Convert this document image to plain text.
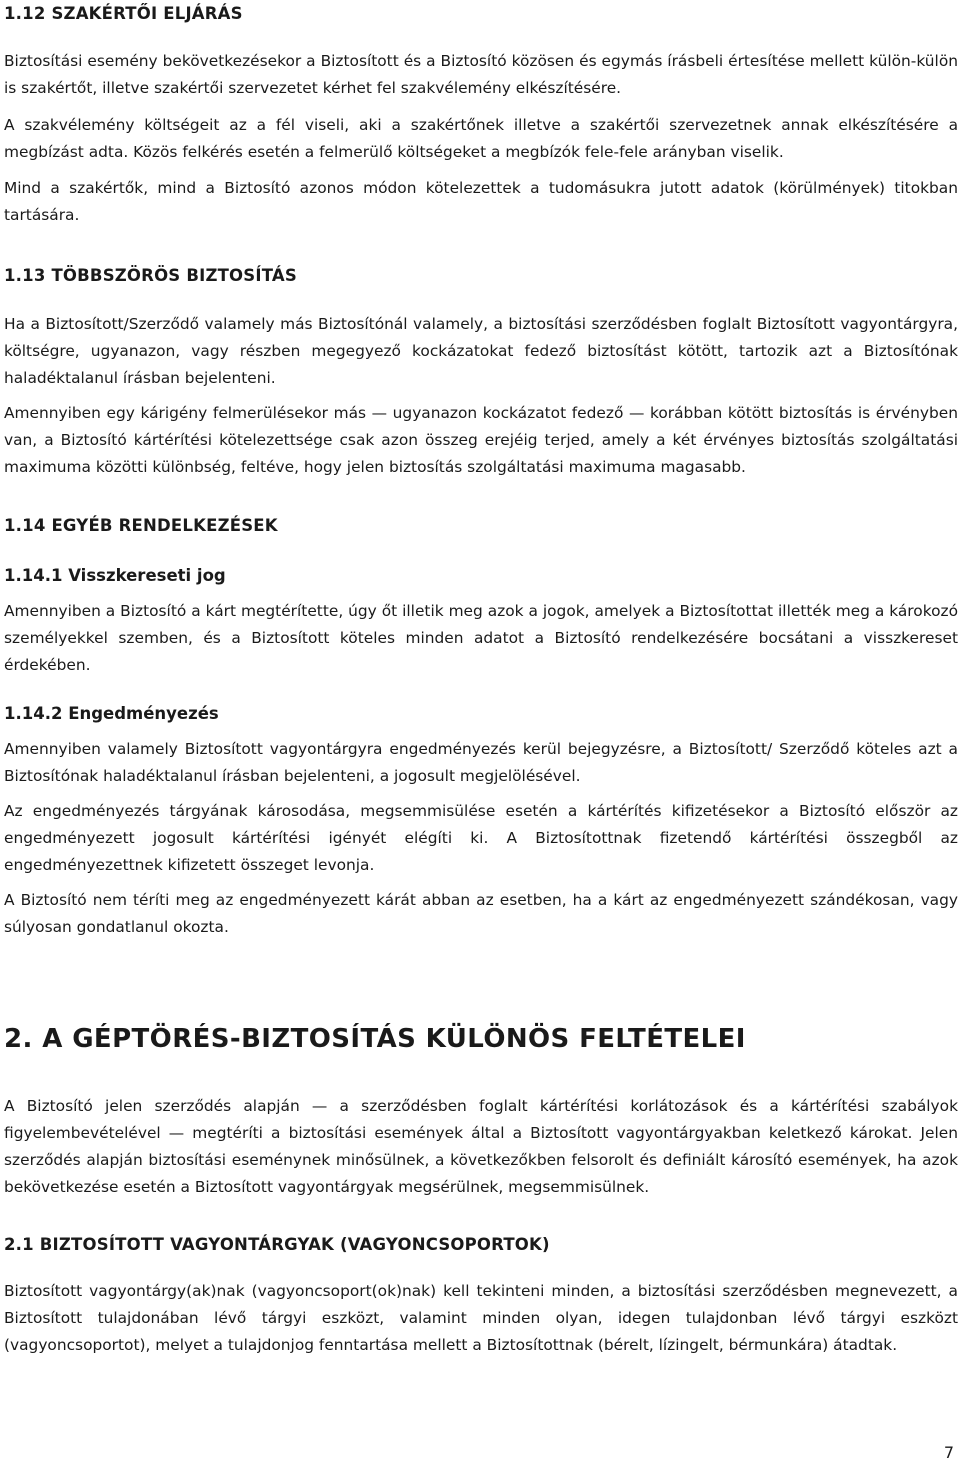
1.12 SZAKÉRTŐI ELJÁRÁS

Biztosítási esemény bekövetkezésekor a Biztosított és a Biztosító közösen és egymás írásbeli értesítése mellett külön-külön is szakértőt, illetve szakértői szervezetet kérhet fel szakvélemény elkészítésére.

A szakvélemény költségeit az a fél viseli, aki a szakértőnek illetve a szakértői szervezetnek annak elkészítésére a megbízást adta. Közös felkérés esetén a felmerülő költségeket a megbízók fele-fele arányban viselik.

Mind a szakértők, mind a Biztosító azonos módon kötelezettek a tudomásukra jutott adatok (körülmények) titokban tartására.

1.13 TÖBBSZÖRÖS BIZTOSÍTÁS

Ha a Biztosított/Szerződő valamely más Biztosítónál valamely, a biztosítási szerződésben foglalt Biztosított vagyontárgyra, költségre, ugyanazon, vagy részben megegyező kockázatokat fedező biztosítást kötött, tartozik azt a Biztosítónak haladéktalanul írásban bejelenteni.

Amennyiben egy kárigény felmerülésekor más — ugyanazon kockázatot fedező — korábban kötött biztosítás is érvényben van, a Biztosító kártérítési kötelezettsége csak azon összeg erejéig terjed, amely a két érvényes biztosítás szolgáltatási maximuma közötti különbség, feltéve, hogy jelen biztosítás szolgáltatási maximuma magasabb.

1.14 EGYÉB RENDELKEZÉSEK
1.14.1 Visszkereseti jog

Amennyiben a Biztosító a kárt megtérítette, úgy őt illetik meg azok a jogok, amelyek a Biztosítottat illették meg a károkozó személyekkel szemben, és a Biztosított köteles minden adatot a Biztosító rendelkezésére bocsátani a visszkereset érdekében.

1.14.2 Engedményezés

Amennyiben valamely Biztosított vagyontárgyra engedményezés kerül bejegyzésre, a Biztosított/ Szerződő köteles azt a Biztosítónak haladéktalanul írásban bejelenteni, a jogosult megjelölésével.

Az engedményezés tárgyának károsodása, megsemmisülése esetén a kártérítés kifizetésekor a Biztosító először az engedményezett jogosult kártérítési igényét elégíti ki. A Biztosítottnak fizetendő kártérítési összegből az engedményezettnek kifizetett összeget levonja.

A Biztosító nem téríti meg az engedményezett kárát abban az esetben, ha a kárt az engedményezett szándékosan, vagy súlyosan gondatlanul okozta.

2. A GÉPTÖRÉS-BIZTOSÍTÁS KÜLÖNÖS FELTÉTELEI

A Biztosító jelen szerződés alapján — a szerződésben foglalt kártérítési korlátozások és a kártérítési szabályok figyelembevételével — megtéríti a biztosítási események által a Biztosított vagyontárgyakban keletkező károkat. Jelen szerződés alapján biztosítási eseménynek minősülnek, a következőkben felsorolt és definiált károsító események, ha azok bekövetkezése esetén a Biztosított vagyontárgyak megsérülnek, megsemmisülnek.

2.1 BIZTOSÍTOTT VAGYONTÁRGYAK (VAGYONCSOPORTOK)

Biztosított vagyontárgy(ak)nak (vagyoncsoport(ok)nak) kell tekinteni minden, a biztosítási szerződésben megnevezett, a Biztosított tulajdonában lévő tárgyi eszközt, valamint minden olyan, idegen tulajdonban lévő tárgyi eszközt (vagyoncsoportot), melyet a tulajdonjog fenntartása mellett a Biztosítottnak (bérelt, lízingelt, bérmunkára) átadtak.

7
